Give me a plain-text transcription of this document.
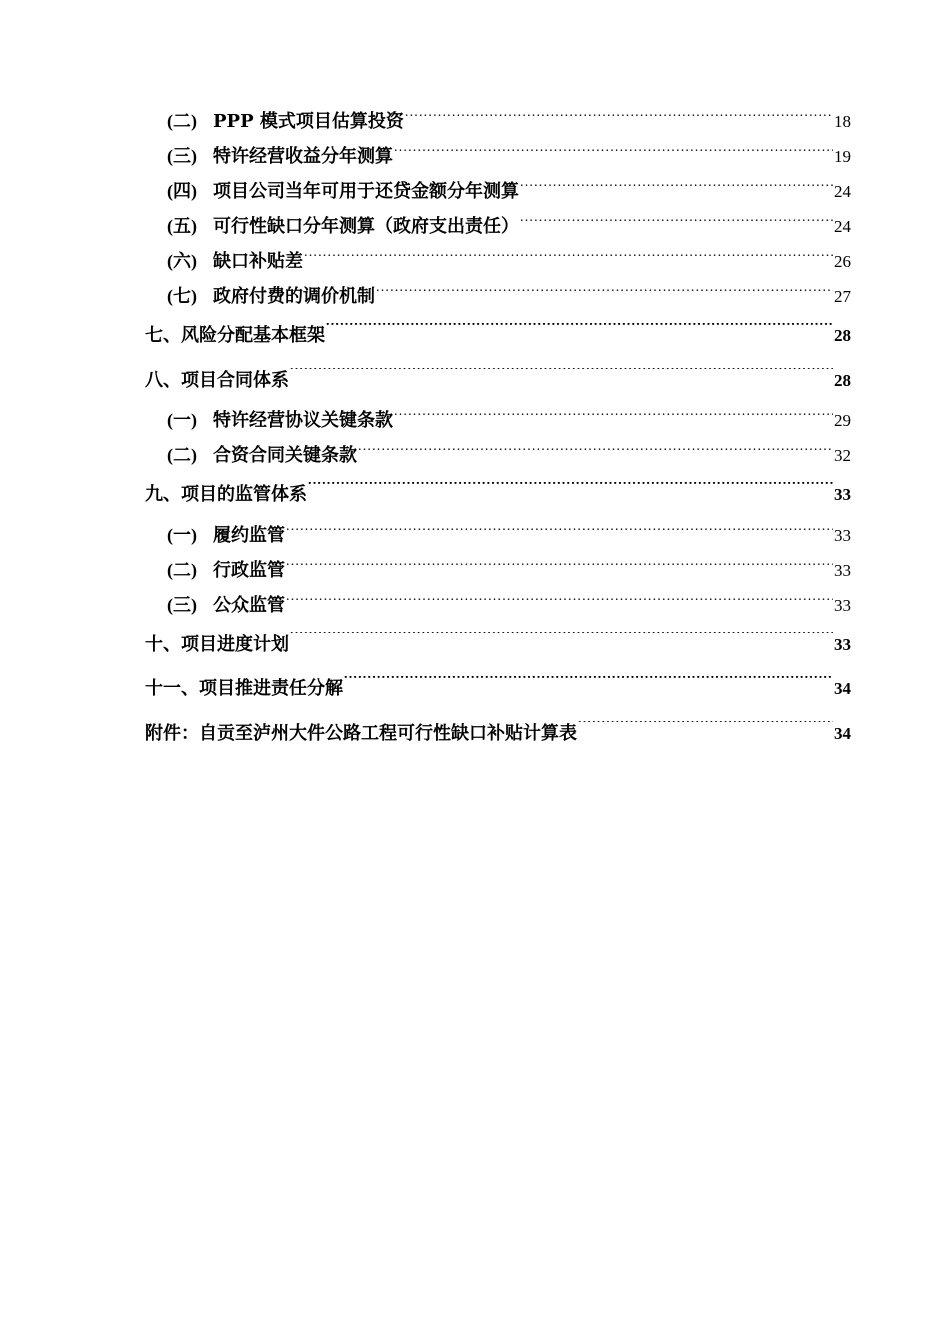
(二) PPP 模式项目估算投资 .....	18
(三) 特许经营收益分年测算 .....	19
(四) 项目公司当年可用于还贷金额分年测算 .....	24
(五) 可行性缺口分年测算（政府支出责任） .....	24
(六) 缺口补贴差 .....	26
(七) 政府付费的调价机制 .....	27
七、风险分配基本框架 .....	28
八、项目合同体系 .....	28
(一) 特许经营协议关键条款 .....	29
(二) 合资合同关键条款 .....	32
九、项目的监管体系 .....	33
(一) 履约监管 .....	33
(二) 行政监管 .....	33
(三) 公众监管 .....	33
十、项目进度计划 .....	33
十一、项目推进责任分解 .....	34
附件：自贡至泸州大件公路工程可行性缺口补贴计算表 .....	34
